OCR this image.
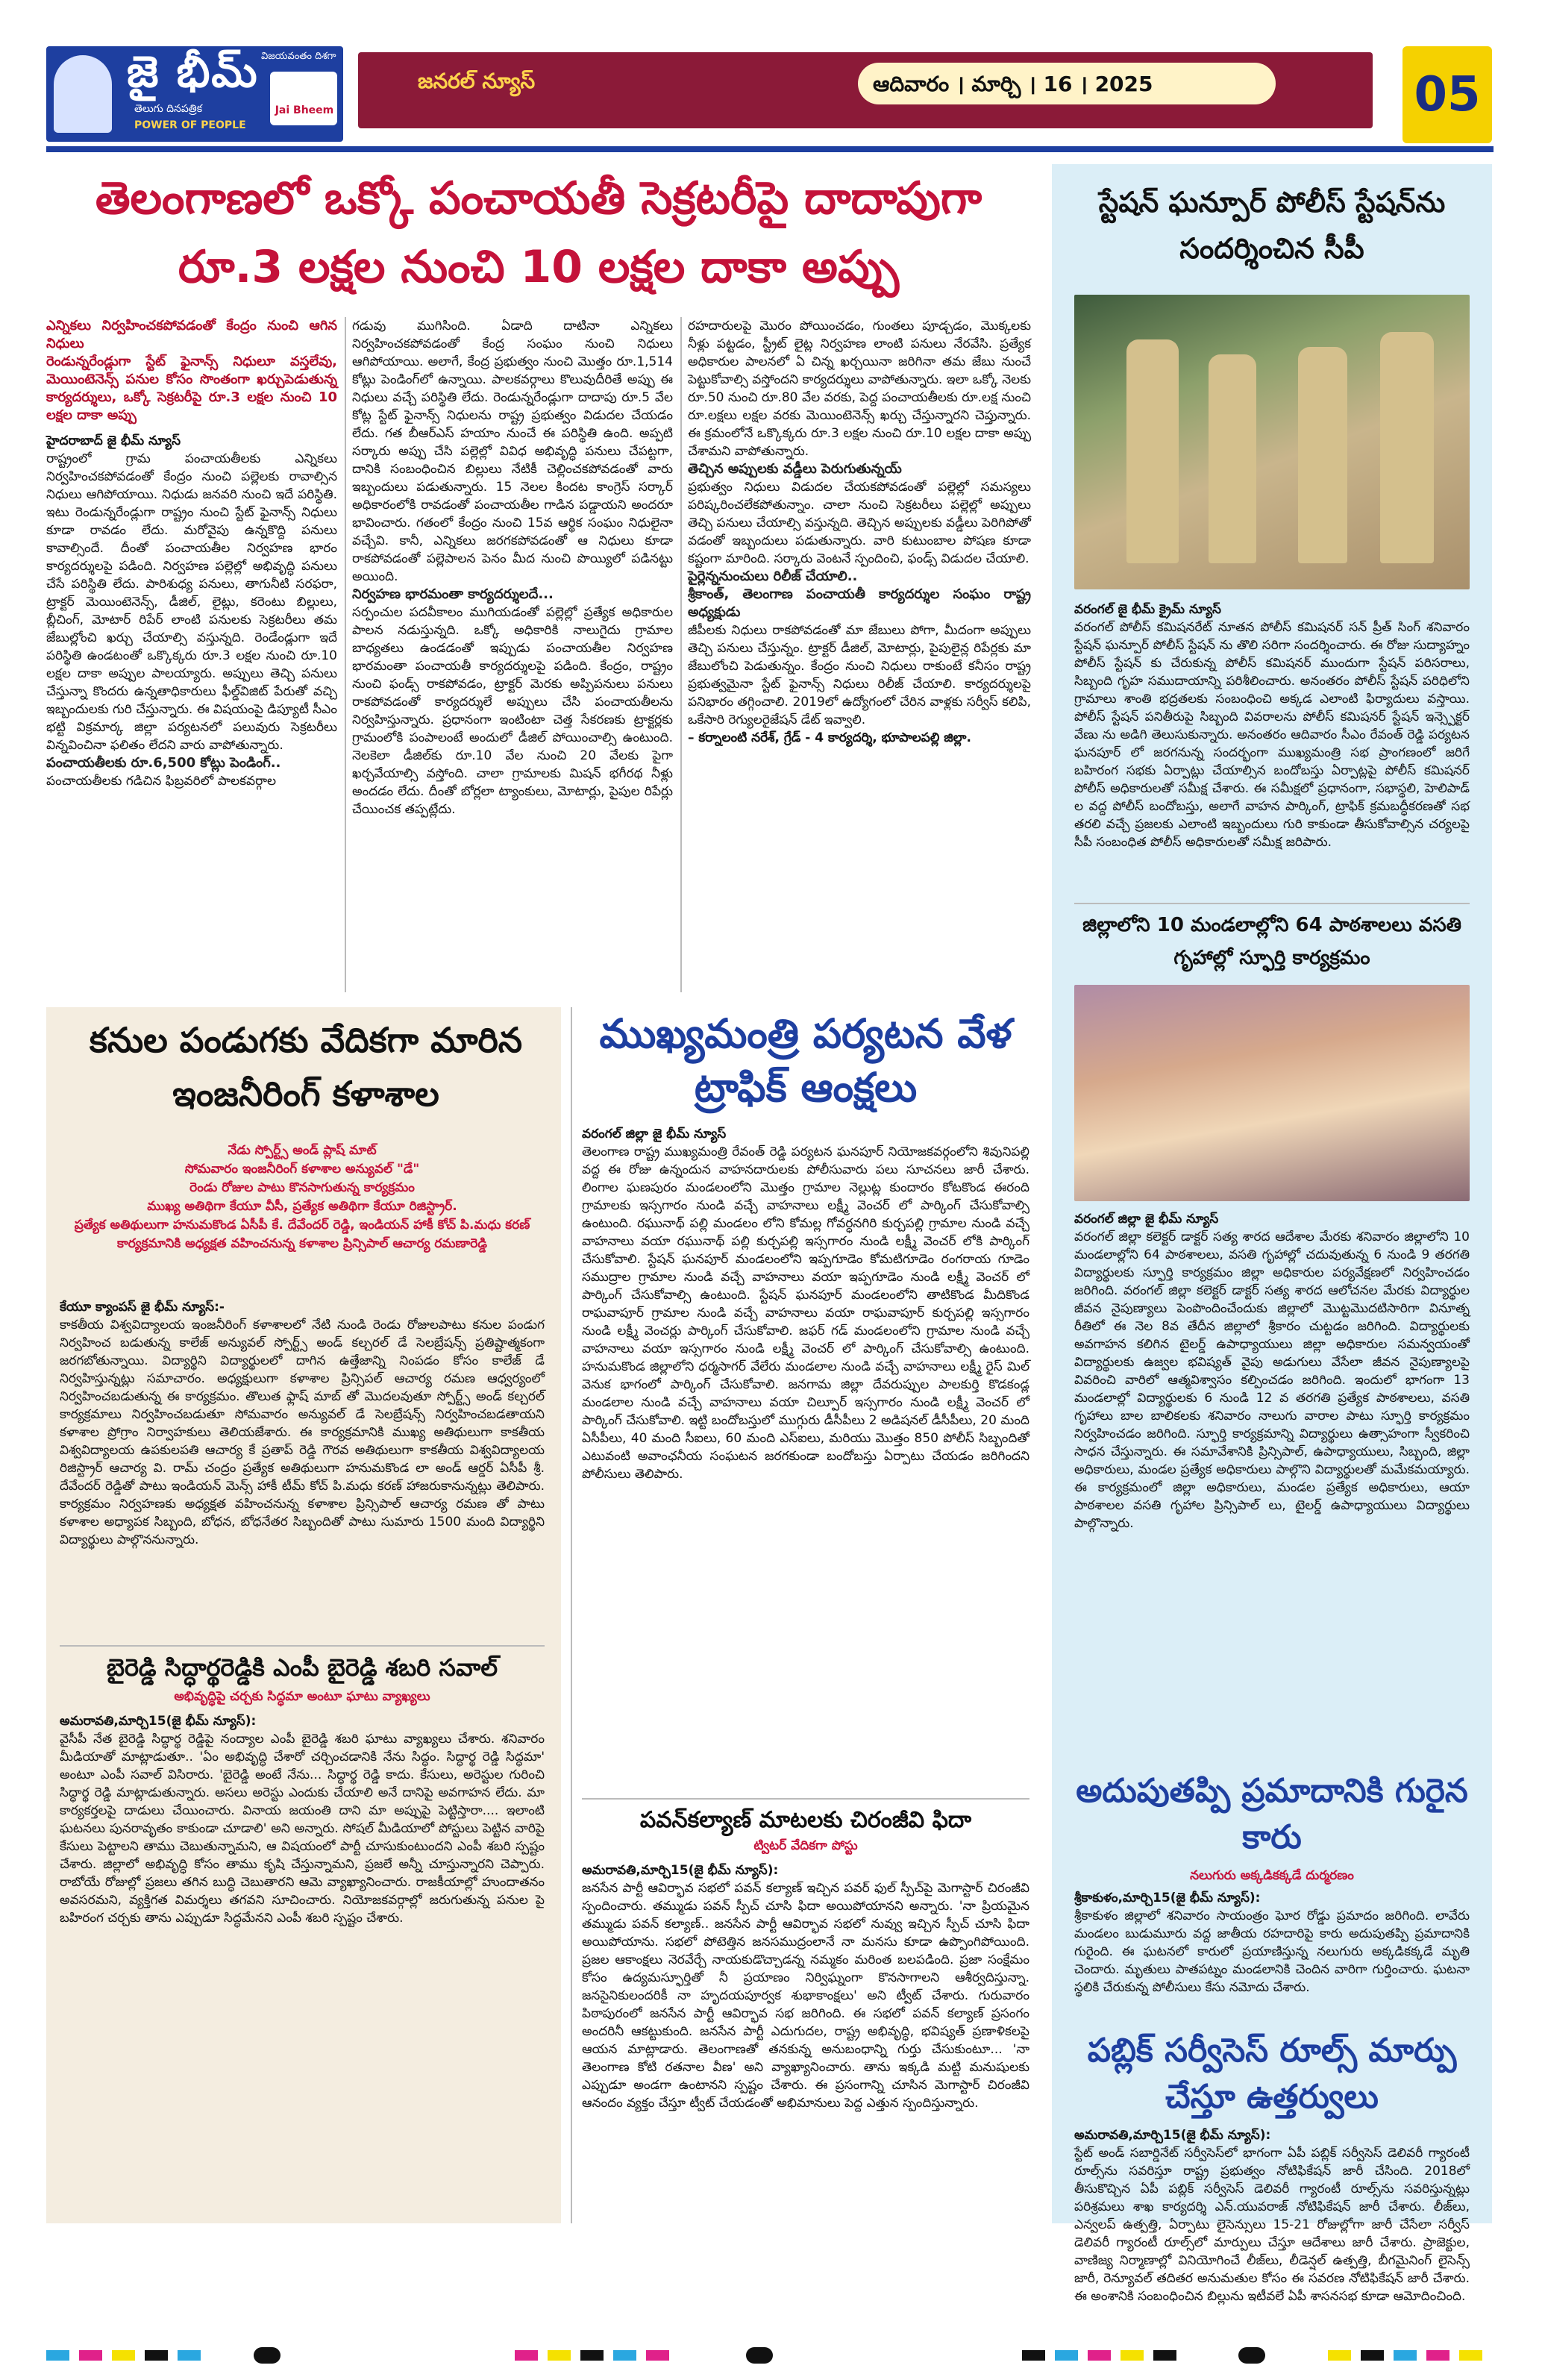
జై భీమ్
తెలుగు దినపత్రిక
POWER OF PEOPLE
విజయవంతం దిశగా
Jai Bheem
జనరల్ న్యూస్	ఆదివారం । మార్చి । 16 । 2025	05
తెలంగాణలో ఒక్కో పంచాయతీ సెక్రటరీపై దాదాపుగా
రూ.3 లక్షల నుంచి 10 లక్షల దాకా అప్పు
ఎన్నికలు నిర్వహించకపోవడంతో కేంద్రం నుంచి ఆగిన నిధులు
రెండున్నరేండ్లుగా స్టేట్ ఫైనాన్స్ నిధులూ వస్తలేవు, మెయింటెనెన్స్ పనుల కోసం సొంతంగా ఖర్చుపెడుతున్న కార్యదర్శులు, ఒక్కో సెక్రటరీపై రూ.3 లక్షల నుంచి 10 లక్షల దాకా అప్పు
హైదరాబాద్ జై భీమ్ న్యూస్
రాష్ట్రంలో గ్రామ పంచాయతీలకు ఎన్నికలు నిర్వహించకపోవడంతో కేంద్రం నుంచి పల్లెలకు రావాల్సిన నిధులు ఆగిపోయాయి. నిధుడు జనవరి నుంచి ఇదే పరిస్థితి. ఇటు రెండున్నరేండ్లుగా రాష్ట్రం నుంచి స్టేట్ ఫైనాన్స్ నిధులు కూడా రావడం లేదు. మరోవైపు ఉన్నకొద్ది పనులు కావాల్సిందే. దీంతో పంచాయతీల నిర్వహణ భారం కార్యదర్శులపై పడింది. నిర్వహణ పల్లెల్లో అభివృద్ధి పనులు చేసే పరిస్థితి లేదు. పారిశుధ్య పనులు, తాగునీటి సరఫరా, ట్రాక్టర్ మెయింటెనెన్స్, డీజిల్, లైట్లు, కరెంటు బిల్లులు, బ్లీచింగ్, మోటార్ రిపేర్ లాంటి పనులకు సెక్రటరీలు తమ జేబుల్లోంచి ఖర్చు చేయాల్సి వస్తున్నది. రెండేండ్లుగా ఇదే పరిస్థితి ఉండటంతో ఒక్కొక్కరు రూ.3 లక్షల నుంచి రూ.10 లక్షల దాకా అప్పుల పాలయ్యారు. అప్పులు తెచ్చి పనులు చేస్తున్నా కొందరు ఉన్నతాధికారులు ఫీల్డ్‌విజిట్ పేరుతో వచ్చి ఇబ్బందులకు గురి చేస్తున్నారు. ఈ విషయంపై డిప్యూటీ సీఎం భట్టి విక్రమార్క జిల్లా పర్యటనలో పలువురు సెక్రటరీలు విన్నవించినా ఫలితం లేదని వారు వాపోతున్నారు.
పంచాయతీలకు రూ.6,500 కోట్లు పెండింగ్..
పంచాయతీలకు గడిచిన ఫిబ్రవరిలో పాలకవర్గాల
గడువు ముగిసింది. ఏడాది దాటినా ఎన్నికలు నిర్వహించకపోవడంతో కేంద్ర సంఘం నుంచి నిధులు ఆగిపోయాయి. అలాగే, కేంద్ర ప్రభుత్వం నుంచి మొత్తం రూ.1,514 కోట్లు పెండింగ్‌లో ఉన్నాయి. పాలకవర్గాలు కొలువుదీరితే అప్పు ఈ నిధులు వచ్చే పరిస్థితి లేదు. రెండున్నరేండ్లుగా దాదాపు రూ.5 వేల కోట్ల స్టేట్ ఫైనాన్స్ నిధులను రాష్ట్ర ప్రభుత్వం విడుదల చేయడం లేదు. గత బీఆర్ఎస్ హయాం నుంచే ఈ పరిస్థితి ఉంది. అప్పటి సర్కారు అప్పు చేసి పల్లెల్లో వివిధ అభివృద్ధి పనులు చేపట్టగా, దానికి సంబంధించిన బిల్లులు నేటికీ చెల్లించకపోవడంతో వారు ఇబ్బందులు పడుతున్నారు. 15 నెలల కిందట కాంగ్రెస్ సర్కార్ అధికారంలోకి రావడంతో పంచాయతీల గాడిన పడ్డాయని అందరూ భావించారు. గతంలో కేంద్రం నుంచి 15వ ఆర్థిక సంఘం నిధులైనా వచ్చేవి. కానీ, ఎన్నికలు జరగకపోవడంతో ఆ నిధులు కూడా రాకపోవడంతో పల్లెపాలన పెనం మీద నుంచి పొయ్యిలో పడినట్టు అయింది.
నిర్వహణ భారమంతా కార్యదర్శులదే...
సర్పంచుల పదవీకాలం ముగియడంతో పల్లెల్లో ప్రత్యేక అధికారుల పాలన నడుస్తున్నది. ఒక్కో అధికారికి నాలుగైదు గ్రామాల బాధ్యతలు ఉండడంతో ఇప్పుడు పంచాయతీల నిర్వహణ భారమంతా పంచాయతీ కార్యదర్శులపై పడింది. కేంద్రం, రాష్ట్రం నుంచి ఫండ్స్ రాకపోవడం, ట్రాక్టర్ మెరకు అప్పిపనులు పనులు రాకపోవడంతో కార్యదర్శులే అప్పులు చేసి పంచాయతీలను నిర్వహిస్తున్నారు. ప్రధానంగా ఇంటింటా చెత్త సేకరణకు ట్రాక్టర్లకు గ్రామంలోకి పంపాలంటే అందులో డీజిల్ పోయించాల్సి ఉంటుంది. నెలకెలా డీజిల్‌కు రూ.10 వేల నుంచి 20 వేలకు పైగా ఖర్చవేయాల్సి వస్తోంది. చాలా గ్రామాలకు మిషన్ భగీరథ నీళ్లు అందడం లేదు. దీంతో బోర్లలా ట్యాంకులు, మోటార్లు, పైపుల రిపేర్లు చేయించక తప్పట్లేదు.
రహదారులపై మొరం పోయించడం, గుంతలు పూడ్చడం, మొక్కలకు నీళ్లు పట్టడం, స్ట్రీట్ లైట్ల నిర్వహణ లాంటి పనులు నేరవేసి. ప్రత్యేక అధికారుల పాలనలో ఏ చిన్న ఖర్చయినా జరిగినా తమ జేబు నుంచే పెట్టుకోవాల్సి వస్తోందని కార్యదర్శులు వాపోతున్నారు. ఇలా ఒక్కో నెలకు రూ.50 నుంచి రూ.80 వేల వరకు, పెద్ద పంచాయతీలకు రూ.లక్ష నుంచి రూ.లక్షలు లక్షల వరకు మెయింటెనెన్స్ ఖర్చు చేస్తున్నారని చెప్తున్నారు. ఈ క్రమంలోనే ఒక్కొక్కరు రూ.3 లక్షల నుంచి రూ.10 లక్షల దాకా అప్పు చేశామని వాపోతున్నారు.
తెచ్చిన అప్పులకు వడ్డీలు పెరుగుతున్నయ్
ప్రభుత్వం నిధులు విడుదల చేయకపోవడంతో పల్లెల్లో సమస్యలు పరిష్కరించలేకపోతున్నాం. చాలా నుంచి సెక్రటరీలు పల్లెల్లో అప్పులు తెచ్చి పనులు చేయాల్సి వస్తున్నది. తెచ్చిన అప్పులకు వడ్డీలు పెరిగిపోతో వడంతో ఇబ్బందులు పడుతున్నారు. వారి కుటుంబాల పోషణ కూడా కష్టంగా మారింది. సర్కారు వెంటనే స్పందించి, ఫండ్స్ విడుదల చేయాలి.
పైర్లెన్ననుంచులు రిలీజ్ చేయాలి..
శ్రీకాంత్, తెలంగాణ పంచాయతీ కార్యదర్శుల సంఘం రాష్ట్ర అధ్యక్షుడు
జీపీలకు నిధులు రాకపోవడంతో మా జేబులు పోగా, మీదంగా అప్పులు తెచ్చి పనులు చేస్తున్నం. ట్రాక్టర్ డీజిల్, మోటార్లు, పైపులైన్ల రిపేర్లకు మా జేబులోంచి పెడుతున్నం. కేంద్రం నుంచి నిధులు రాకుంటే కనీసం రాష్ట్ర ప్రభుత్వమైనా స్టేట్ ఫైనాన్స్ నిధులు రిలీజ్ చేయాలి. కార్యదర్శులపై పనిభారం తగ్గించాలి. 2019లో ఉద్యోగంలో చేరిన వాళ్లకు సర్వీస్ కలిపి, ఒకేసారి రెగ్యులరైజేషన్ డేట్ ఇవ్వాలి.
– కర్నాలంటి నరేశ్, గ్రేడ్ - 4 కార్యదర్శి, భూపాలపల్లి జిల్లా.
కనుల పండుగకు వేదికగా మారిన ఇంజనీరింగ్ కళాశాల
నేడు స్పోర్ట్స్ అండ్ ప్లాష్ మాట్
సోమవారం ఇంజనీరింగ్ కళాశాల అన్యువల్ "డే"
రెండు రోజుల పాటు కొనసాగుతున్న కార్యక్రమం
ముఖ్య అతిథిగా కేయూ వీసీ, ప్రత్యేక అతిథిగా కేయూ రిజిస్ట్రార్.
ప్రత్యేక అతిథులుగా హనుమకొండ ఏసీపీ కే. దేవేందర్ రెడ్డి, ఇండియన్ హాకీ కోచ్ పి.మధు కరణ్
కార్యక్రమానికి అధ్యక్షత వహించనున్న కళాశాల ప్రిన్సిపాల్ ఆచార్య రమణారెడ్డి
కేయూ క్యాంపస్ జై భీమ్ న్యూస్:-
కాకతీయ విశ్వవిద్యాలయ ఇంజనీరింగ్ కళాశాలలో నేటి నుండి రెండు రోజులపాటు కనుల పండుగ నిర్వహించ బడుతున్న కాలేజ్ అన్యువల్ స్పోర్ట్స్ అండ్ కల్చరల్ డే సెలబ్రేషన్స్ ప్రతిష్టాత్మకంగా జరగబోతున్నాయి. విద్యార్థిని విద్యార్థులలో దాగిన ఉత్తేజాన్ని నింపడం కోసం కాలేజ్ డే నిర్వహిస్తున్నట్లు సమాచారం. అధ్యక్షులుగా కళాశాల ప్రిన్సిపల్ ఆచార్య రమణ ఆధ్వర్యంలో నిర్వహించబడుతున్న ఈ కార్యక్రమం. తొలుత ఫ్లాష్ మాబ్ తో మొదలవుతూ స్పోర్ట్స్ అండ్ కల్చరల్ కార్యక్రమాలు నిర్వహించబడుతూ సోమవారం అన్యువల్ డే సెలబ్రేషన్స్ నిర్వహించబడతాయని కళాశాల ప్రోగ్రాం నిర్వాహకులు తెలియజేశారు. ఈ కార్యక్రమానికి ముఖ్య అతిథులుగా కాకతీయ విశ్వవిద్యాలయ ఉపకులపతి ఆచార్య కే ప్రతాప్ రెడ్డి గౌరవ అతిథులుగా కాకతీయ విశ్వవిద్యాలయ రిజిస్ట్రార్ ఆచార్య వి. రామ్ చంద్రం ప్రత్యేక అతిథులుగా హనుమకొండ లా అండ్ ఆర్డర్ ఏసీపీ శ్రీ. దేవేందర్ రెడ్డితో పాటు ఇండియన్ మెన్స్ హాకీ టీమ్ కోచ్ పి.మధు కరణ్ హాజరుకానున్నట్లు తెలిపారు. కార్యక్రమం నిర్వహణకు అధ్యక్షత వహించనున్న కళాశాల ప్రిన్సిపాల్ ఆచార్య రమణ తో పాటు కళాశాల అధ్యాపక సిబ్బంది, బోధన, బోధనేతర సిబ్బందితో పాటు సుమారు 1500 మంది విద్యార్థిని విద్యార్థులు పాల్గొననున్నారు.
బైరెడ్డి సిద్ధార్థరెడ్డికి ఎంపీ బైరెడ్డి శబరి సవాల్
అభివృద్ధిపై చర్చకు సిద్ధమా అంటూ ఘాటు వ్యాఖ్యలు
అమరావతి,మార్చి15(జై భీమ్ న్యూస్):
వైసీపీ నేత బైరెడ్డి సిద్ధార్థ రెడ్డిపై నంద్యాల ఎంపీ బైరెడ్డి శబరి ఘాటు వ్యాఖ్యలు చేశారు. శనివారం మీడియాతో మాట్లాడుతూ.. 'ఏం అభివృద్ధి చేశారో చర్చించడానికి నేను సిద్ధం. సిద్ధార్థ రెడ్డి సిద్ధమా' అంటూ ఎంపీ సవాల్ విసిరారు. 'బైరెడ్డి అంటే నేను... సిద్ధార్థ రెడ్డి కాదు. కేసులు, అరెస్టుల గురించి సిద్ధార్థ రెడ్డి మాట్లాడుతున్నారు. అసలు అరెస్టు ఎందుకు చేయాలి అనే దానిపై అవగాహన లేదు. మా కార్యకర్తలపై దాడులు చేయించారు. వినాయ జయంతి దాని మా అప్పుపై పెట్టిస్తారా.... ఇలాంటి ఘటనలు పునరావృతం కాకుండా చూడాలి' అని అన్నారు. సోషల్ మీడియాలో పోస్టులు పెట్టిన వారిపై కేసులు పెట్టాలని తాము చెబుతున్నామని, ఆ విషయంలో పార్టీ చూసుకుంటుందని ఎంపీ శబరి స్పష్టం చేశారు. జిల్లాలో అభివృద్ధి కోసం తాము కృషి చేస్తున్నామని, ప్రజలే అన్నీ చూస్తున్నారని చెప్పారు. రాబోయే రోజుల్లో ప్రజలు తగిన బుద్ధి చెబుతారని ఆమె వ్యాఖ్యానించారు. రాజకీయాల్లో హుందాతనం అవసరమని, వ్యక్తిగత విమర్శలు తగవని సూచించారు. నియోజకవర్గాల్లో జరుగుతున్న పనుల పై బహిరంగ చర్చకు తాను ఎప్పుడూ సిద్ధమేనని ఎంపీ శబరి స్పష్టం చేశారు.
ముఖ్యమంత్రి పర్యటన వేళ ట్రాఫిక్ ఆంక్షలు
వరంగల్ జిల్లా జై భీమ్ న్యూస్
తెలంగాణ రాష్ట్ర ముఖ్యమంత్రి రేవంత్ రెడ్డి పర్యటన ఘనపూర్ నియోజకవర్గంలోని శివునిపల్లి వద్ద ఈ రోజు ఉన్నందున వాహనదారులకు పోలీసువారు పలు సూచనలు జారీ చేశారు. లింగాల ఘణపురం మండలంలోని మొత్తం గ్రామాల నెల్లుట్ల కుందారం కోటకొండ ఈరంది గ్రామాలకు ఇస్సగారం నుండి వచ్చే వాహనాలు లక్ష్మీ వెంచర్ లో పార్కింగ్ చేసుకోవాల్సి ఉంటుంది. రఘునాథ్ పల్లి మండలం లోని కోమల్ల గోవర్ధనగిరి కుర్చపల్లి గ్రామాల నుండి వచ్చే వాహనాలు వయా రఘునాథ్ పల్లి కుర్చపల్లి ఇస్సగారం నుండి లక్ష్మీ వెంచర్ లోకి పార్కింగ్ చేసుకోవాలి. స్టేషన్ ఘనపూర్ మండలంలోని ఇప్పగూడెం కోమటిగూడెం రంగరాయ గూడెం సముద్రాల గ్రామాల నుండి వచ్చే వాహనాలు వయా ఇప్పగూడెం నుండి లక్ష్మీ వెంచర్ లో పార్కింగ్ చేసుకోవాల్సి ఉంటుంది. స్టేషన్ ఘనపూర్ మండలంలోని తాటికొండ మీదికొండ రాఘవాపూర్ గ్రామాల నుండి వచ్చే వాహనాలు వయా రాఘవాపూర్ కుర్చపల్లి ఇస్సగారం నుండి లక్ష్మీ వెంచర్లు పార్కింగ్ చేసుకోవాలి. జఫర్ గడ్ మండలంలోని గ్రామాల నుండి వచ్చే వాహనాలు వయా ఇస్సగారం నుండి లక్ష్మీ వెంచర్ లో పార్కింగ్ చేసుకోవాల్సి ఉంటుంది. హనుమకొండ జిల్లాలోని ధర్మసాగర్ వేలేరు మండలాల నుండి వచ్చే వాహనాలు లక్ష్మీ రైస్ మిల్ వెనుక భాగంలో పార్కింగ్ చేసుకోవాలి. జనగామ జిల్లా దేవరుప్పుల పాలకుర్తి కొడకండ్ల మండలాల నుండి వచ్చే వాహనాలు వయా చిల్పూర్ ఇస్సగారం నుండి లక్ష్మీ వెంచర్ లో పార్కింగ్ చేసుకోవాలి. ఇట్టి బందోబస్తులో ముగ్గురు డీసీపీలు 2 అడిషనల్ డీసీపీలు, 20 మంది ఏసీపీలు, 40 మంది సీఐలు, 60 మంది ఎస్ఐలు, మరియు మొత్తం 850 పోలీస్ సిబ్బందితో ఎటువంటి అవాంఛనీయ సంఘటన జరగకుండా బందోబస్తు ఏర్పాటు చేయడం జరిగిందని పోలీసులు తెలిపారు.
పవన్‌కల్యాణ్ మాటలకు చిరంజీవి ఫిదా
ట్విటర్ వేదికగా పోస్టు
అమరావతి,మార్చి15(జై భీమ్ న్యూస్):
జనసేన పార్టీ ఆవిర్భావ సభలో పవన్ కల్యాణ్ ఇచ్చిన పవర్ ఫుల్ స్పీచ్‌పై మెగాస్టార్ చిరంజీవి స్పందించారు. తమ్ముడు పవన్ స్పీచ్ చూసి ఫిదా అయిపోయానని అన్నారు. 'నా ప్రియమైన తమ్ముడు పవన్ కల్యాణ్.. జనసేన పార్టీ ఆవిర్భావ సభలో నువ్వు ఇచ్చిన స్పీచ్ చూసి ఫిదా అయిపోయాను. సభలో పోటెత్తిన జనసముద్రంలానే నా మనసు కూడా ఉప్పొంగిపోయింది. ప్రజల ఆకాంక్షలు నెరవేర్చే నాయకుడొచ్చాడన్న నమ్మకం మరింత బలపడింది. ప్రజా సంక్షేమం కోసం ఉద్యమస్ఫూర్తితో నీ ప్రయాణం నిర్విఘ్నంగా కొనసాగాలని ఆశీర్వదిస్తున్నా. జనసైనికులందరికీ నా హృదయపూర్వక శుభాకాంక్షలు' అని ట్వీట్ చేశారు. గురువారం పిఠాపురంలో జనసేన పార్టీ ఆవిర్భావ సభ జరిగింది. ఈ సభలో పవన్ కల్యాణ్ ప్రసంగం అందరినీ ఆకట్టుకుంది. జనసేన పార్టీ ఎదుగుదల, రాష్ట్ర అభివృద్ధి, భవిష్యత్ ప్రణాళికలపై ఆయన మాట్లాడారు. తెలంగాణతో తనకున్న అనుబంధాన్ని గుర్తు చేసుకుంటూ... 'నా తెలంగాణ కోటి రతనాల వీణ' అని వ్యాఖ్యానించారు. తాను ఇక్కడి మట్టి మనుషులకు ఎప్పుడూ అండగా ఉంటానని స్పష్టం చేశారు. ఈ ప్రసంగాన్ని చూసిన మెగాస్టార్ చిరంజీవి ఆనందం వ్యక్తం చేస్తూ ట్వీట్ చేయడంతో అభిమానులు పెద్ద ఎత్తున స్పందిస్తున్నారు.
స్టేషన్ ఘన్పూర్ పోలీస్ స్టేషన్‌ను సందర్శించిన సీపీ
వరంగల్ జై భీమ్ క్రైమ్ న్యూస్
వరంగల్ పోలీస్ కమిషనరేట్ నూతన పోలీస్ కమిషనర్ సన్ ప్రీత్ సింగ్ శనివారం స్టేషన్ ఘన్పూర్ పోలీస్ స్టేషన్ ను తొలి సరిగా సందర్శించారు. ఈ రోజు సుద్యాహ్నం పోలీస్ స్టేషన్ కు చేరుకున్న పోలీస్ కమిషనర్ ముందుగా స్టేషన్ పరిసరాలు, సిబ్బంది గృహ సముదాయాన్ని పరిశీలించారు. అనంతరం పోలీస్ స్టేషన్ పరిధిలోని గ్రామాలు శాంతి భద్రతలకు సంబంధించి అక్కడ ఎలాంటి ఫిర్యాదులు వస్తాయి. పోలీస్ స్టేషన్ పనితీరుపై సిబ్బంది వివరాలను పోలీస్ కమిషనర్ స్టేషన్ ఇన్స్పెక్టర్ వేణు ను అడిగి తెలుసుకున్నారు. అనంతరం ఆదివారం సీఎం రేవంత్ రెడ్డి పర్యటన ఘనపూర్ లో జరగనున్న సందర్భంగా ముఖ్యమంత్రి సభ ప్రాంగణంలో జరిగే బహిరంగ సభకు ఏర్పాట్లు చేయాల్సిన బందోబస్తు ఏర్పాట్లపై పోలీస్ కమిషనర్ పోలీస్ అధికారులతో సమీక్ష చేశారు. ఈ సమీక్షలో ప్రధానంగా, సభాస్థలి, హెలిపాడ్ ల వద్ద పోలీస్ బందోబస్తు, అలాగే వాహన పార్కింగ్, ట్రాఫిక్ క్రమబద్ధీకరణతో సభ తరలి వచ్చే ప్రజలకు ఎలాంటి ఇబ్బందులు గురి కాకుండా తీసుకోవాల్సిన చర్యలపై సీపీ సంబంధిత పోలీస్ అధికారులతో సమీక్ష జరిపారు.
జిల్లాలోని 10 మండలాల్లోని 64 పాఠశాలలు వసతి గృహాల్లో స్ఫూర్తి కార్యక్రమం
వరంగల్ జిల్లా జై భీమ్ న్యూస్
వరంగల్ జిల్లా కలెక్టర్ డాక్టర్ సత్య శారద ఆదేశాల మేరకు శనివారం జిల్లాలోని 10 మండలాల్లోని 64 పాఠశాలలు, వసతి గృహాల్లో చదువుతున్న 6 నుండి 9 తరగతి విద్యార్థులకు స్ఫూర్తి కార్యక్రమం జిల్లా అధికారుల పర్యవేక్షణలో నిర్వహించడం జరిగింది. వరంగల్ జిల్లా కలెక్టర్ డాక్టర్ సత్య శారద ఆలోచనల మేరకు విద్యార్థుల జీవన నైపుణ్యాలు పెంపొందించేందుకు జిల్లాలో మొట్టమొదటిసారిగా వినూత్న రీతిలో ఈ నెల 8వ తేదీన జిల్లాలో శ్రీకారం చుట్టడం జరిగింది. విద్యార్థులకు అవగాహన కలిగిన టైలర్డ్ ఉపాధ్యాయులు జిల్లా అధికారుల సమన్వయంతో విద్యార్థులకు ఉజ్వల భవిష్యత్ వైపు అడుగులు వేసేలా జీవన నైపుణ్యాలపై వివరించి వారిలో ఆత్మవిశ్వాసం కల్పించడం జరిగింది. ఇందులో భాగంగా 13 మండలాల్లో విద్యార్థులకు 6 నుండి 12 వ తరగతి ప్రత్యేక పాఠశాలలు, వసతి గృహాలు బాల బాలికలకు శనివారం నాలుగు వారాల పాటు స్ఫూర్తి కార్యక్రమం నిర్వహించడం జరిగింది. స్ఫూర్తి కార్యక్రమాన్ని విద్యార్థులు ఉత్సాహంగా స్వీకరించి సాధన చేస్తున్నారు. ఈ సమావేశానికి ప్రిన్సిపాల్, ఉపాధ్యాయులు, సిబ్బంది, జిల్లా అధికారులు, మండల ప్రత్యేక అధికారులు పాల్గొని విద్యార్థులతో మమేకమయ్యారు. ఈ కార్యక్రమంలో జిల్లా అధికారులు, మండల ప్రత్యేక అధికారులు, ఆయా పాఠశాలల వసతి గృహాల ప్రిన్సిపాల్ లు, టైలర్డ్ ఉపాధ్యాయులు విద్యార్థులు పాల్గొన్నారు.
అదుపుతప్పి ప్రమాదానికి గురైన కారు
నలుగురు అక్కడికక్కడే దుర్మరణం
శ్రీకాకుళం,మార్చి15(జై భీమ్ న్యూస్):
శ్రీకాకుళం జిల్లాలో శనివారం సాయంత్రం ఘోర రోడ్డు ప్రమాదం జరిగింది. లావేరు మండలం బుడుమూరు వద్ద జాతీయ రహదారిపై కారు అదుపుతప్పి ప్రమాదానికి గురైంది. ఈ ఘటనలో కారులో ప్రయాణిస్తున్న నలుగురు అక్కడికక్కడే మృతి చెందారు. మృతులు పాతపట్నం మండలానికి చెందిన వారిగా గుర్తించారు. ఘటనా స్థలికి చేరుకున్న పోలీసులు కేసు నమోదు చేశారు.
పబ్లిక్ సర్వీసెస్ రూల్స్ మార్పు చేస్తూ ఉత్తర్వులు
అమరావతి,మార్చి15(జై భీమ్ న్యూస్):
స్టేట్ అండ్ సబార్డినేట్ సర్వీసెస్‌లో భాగంగా ఏపీ పబ్లిక్ సర్వీసెస్ డెలివరీ గ్యారంటీ రూల్స్‌ను సవరిస్తూ రాష్ట్ర ప్రభుత్వం నోటిఫికేషన్ జారీ చేసింది. 2018లో తీసుకొచ్చిన ఏపీ పబ్లిక్ సర్వీసెస్ డెలివరీ గ్యారంటీ రూల్స్‌ను సవరిస్తున్నట్లు పరిశ్రమలు శాఖ కార్యదర్శి ఎన్.యువరాజ్ నోటిఫికేషన్ జారీ చేశారు. లీజ్‌లు, ఎన్వలప్ ఉత్పత్తి, ఏర్పాటు లైసెన్సులు 15-21 రోజుల్లోగా జారీ చేసేలా సర్వీస్ డెలివరీ గ్యారంటీ రూల్స్‌లో మార్పులు చేస్తూ ఆదేశాలు జారీ చేశారు. ప్రాజెక్టుల, వాణిజ్య నిర్మాణాల్లో వినియోగించే లీజ్‌లు, లీడెన్షల్ ఉత్పత్తి, బీగమైనింగ్ లైసెన్స్ జారీ, రెన్యూవల్ తదితర అనుమతుల కోసం ఈ సవరణ నోటిఫికేషన్ జారీ చేశారు. ఈ అంశానికి సంబంధించిన బిల్లును ఇటీవలే ఏపీ శాసనసభ కూడా ఆమోదించింది.
